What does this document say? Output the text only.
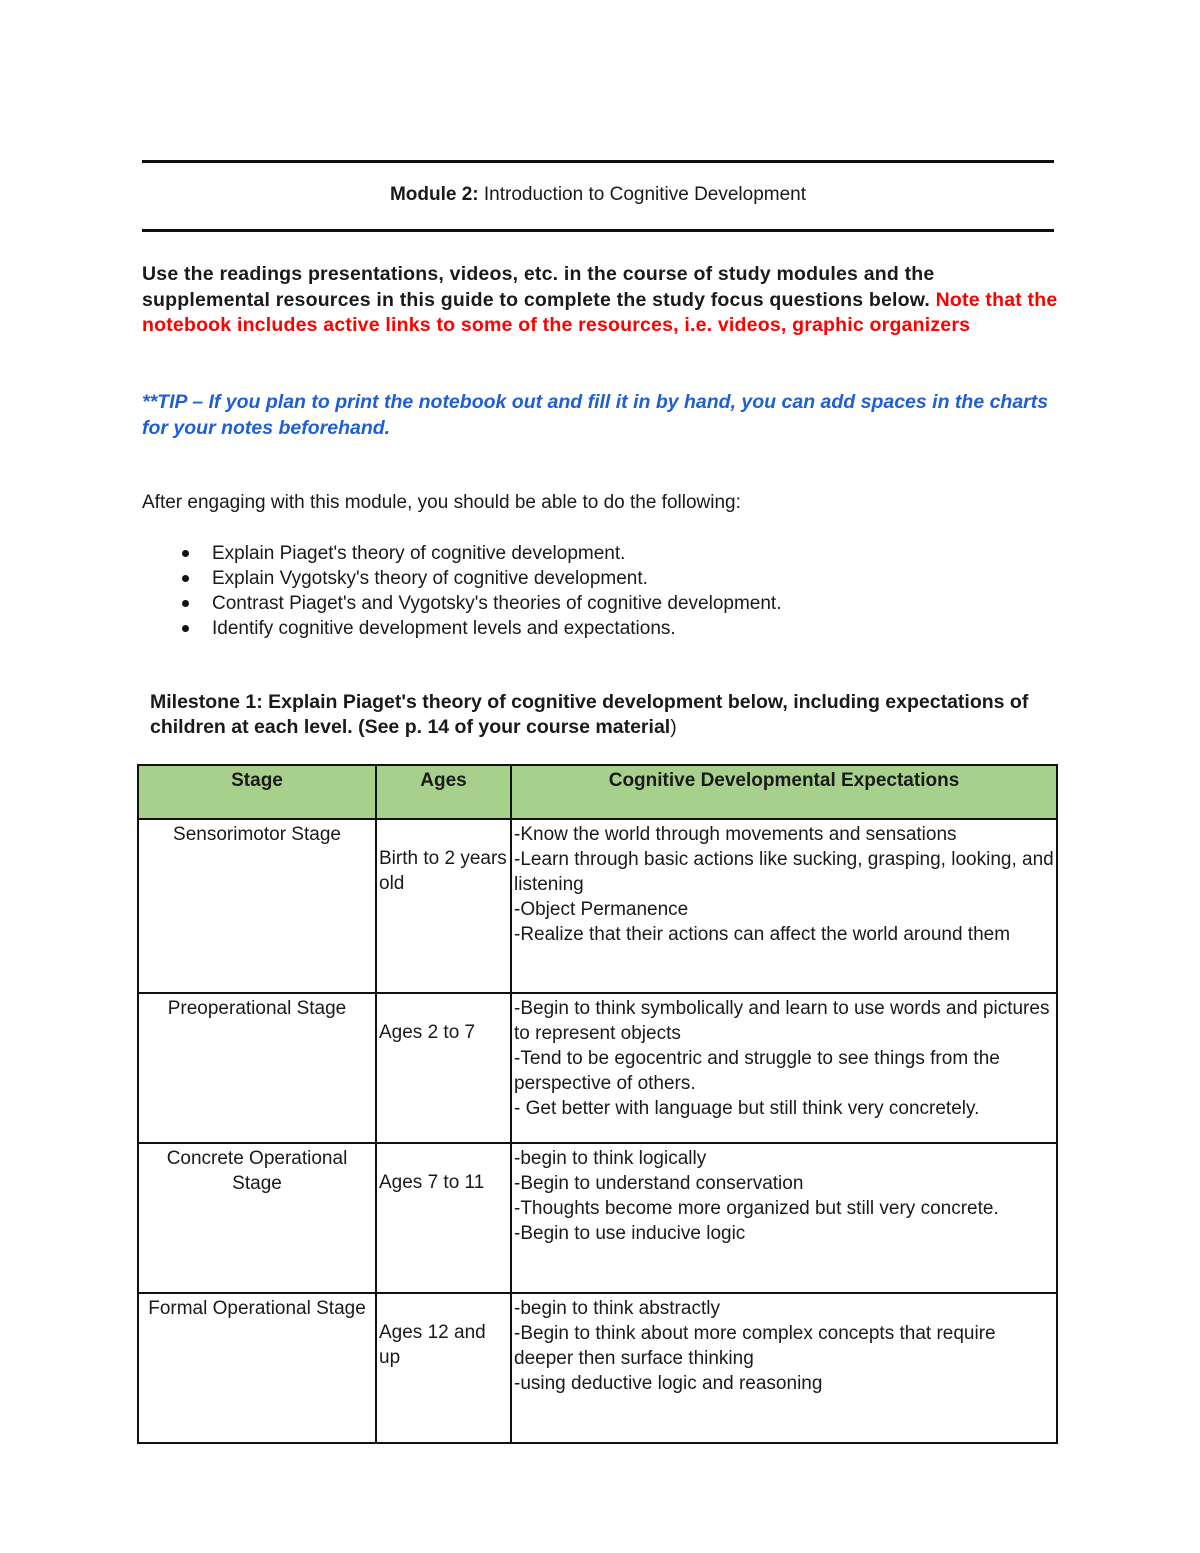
Module 2: Introduction to Cognitive Development
Use the readings presentations, videos, etc. in the course of study modules and the supplemental resources in this guide to complete the study focus questions below. Note that the notebook includes active links to some of the resources, i.e. videos, graphic organizers
**TIP – If you plan to print the notebook out and fill it in by hand, you can add spaces in the charts for your notes beforehand.
After engaging with this module, you should be able to do the following:
Explain Piaget's theory of cognitive development.
Explain Vygotsky's theory of cognitive development.
Contrast Piaget's and Vygotsky's theories of cognitive development.
Identify cognitive development levels and expectations.
Milestone 1: Explain Piaget's theory of cognitive development below, including expectations of children at each level. (See p. 14 of your course material)
Stage	Ages	Cognitive Developmental Expectations
Sensorimotor Stage	Birth to 2 years old	-Know the world through movements and sensations
-Learn through basic actions like sucking, grasping, looking, and listening
-Object Permanence
-Realize that their actions can affect the world around them

Preoperational Stage	Ages 2 to 7	-Begin to think symbolically and learn to use words and pictures to represent objects
-Tend to be egocentric and struggle to see things from the perspective of others.
- Get better with language but still think very concretely.

Concrete Operational Stage	Ages 7 to 11	-begin to think logically
-Begin to understand conservation
-Thoughts become more organized but still very concrete.
-Begin to use inducive logic

Formal Operational Stage	Ages 12 and up	-begin to think abstractly
-Begin to think about more complex concepts that require deeper then surface thinking
-using deductive logic and reasoning
